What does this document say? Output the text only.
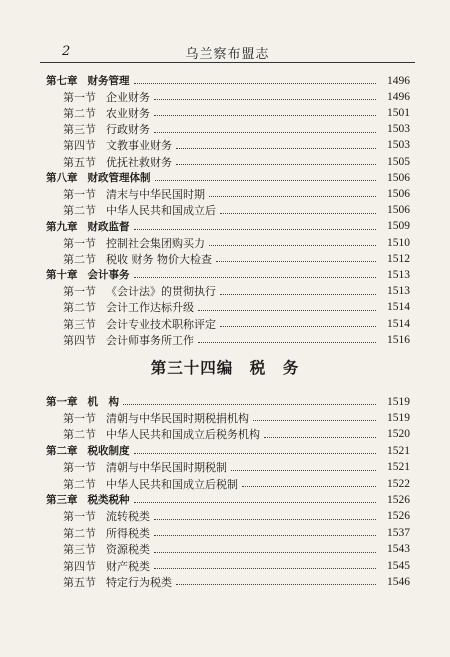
2	乌兰察布盟志
第七章 财务管理	1496
第一节 企业财务	1496
第二节 农业财务	1501
第三节 行政财务	1503
第四节 文教事业财务	1503
第五节 优抚社救财务	1505
第八章 财政管理体制	1506
第一节 清末与中华民国时期	1506
第二节 中华人民共和国成立后	1506
第九章 财政监督	1509
第一节 控制社会集团购买力	1510
第二节 税收 财务 物价大检查	1512
第十章 会计事务	1513
第一节 《会计法》的贯彻执行	1513
第二节 会计工作达标升级	1514
第三节 会计专业技术职称评定	1514
第四节 会计师事务所工作	1516
第三十四编　税　务
第一章 机　构	1519
第一节 清朝与中华民国时期税捐机构	1519
第二节 中华人民共和国成立后税务机构	1520
第二章 税收制度	1521
第一节 清朝与中华民国时期税制	1521
第二节 中华人民共和国成立后税制	1522
第三章 税类税种	1526
第一节 流转税类	1526
第二节 所得税类	1537
第三节 资源税类	1543
第四节 财产税类	1545
第五节 特定行为税类	1546
